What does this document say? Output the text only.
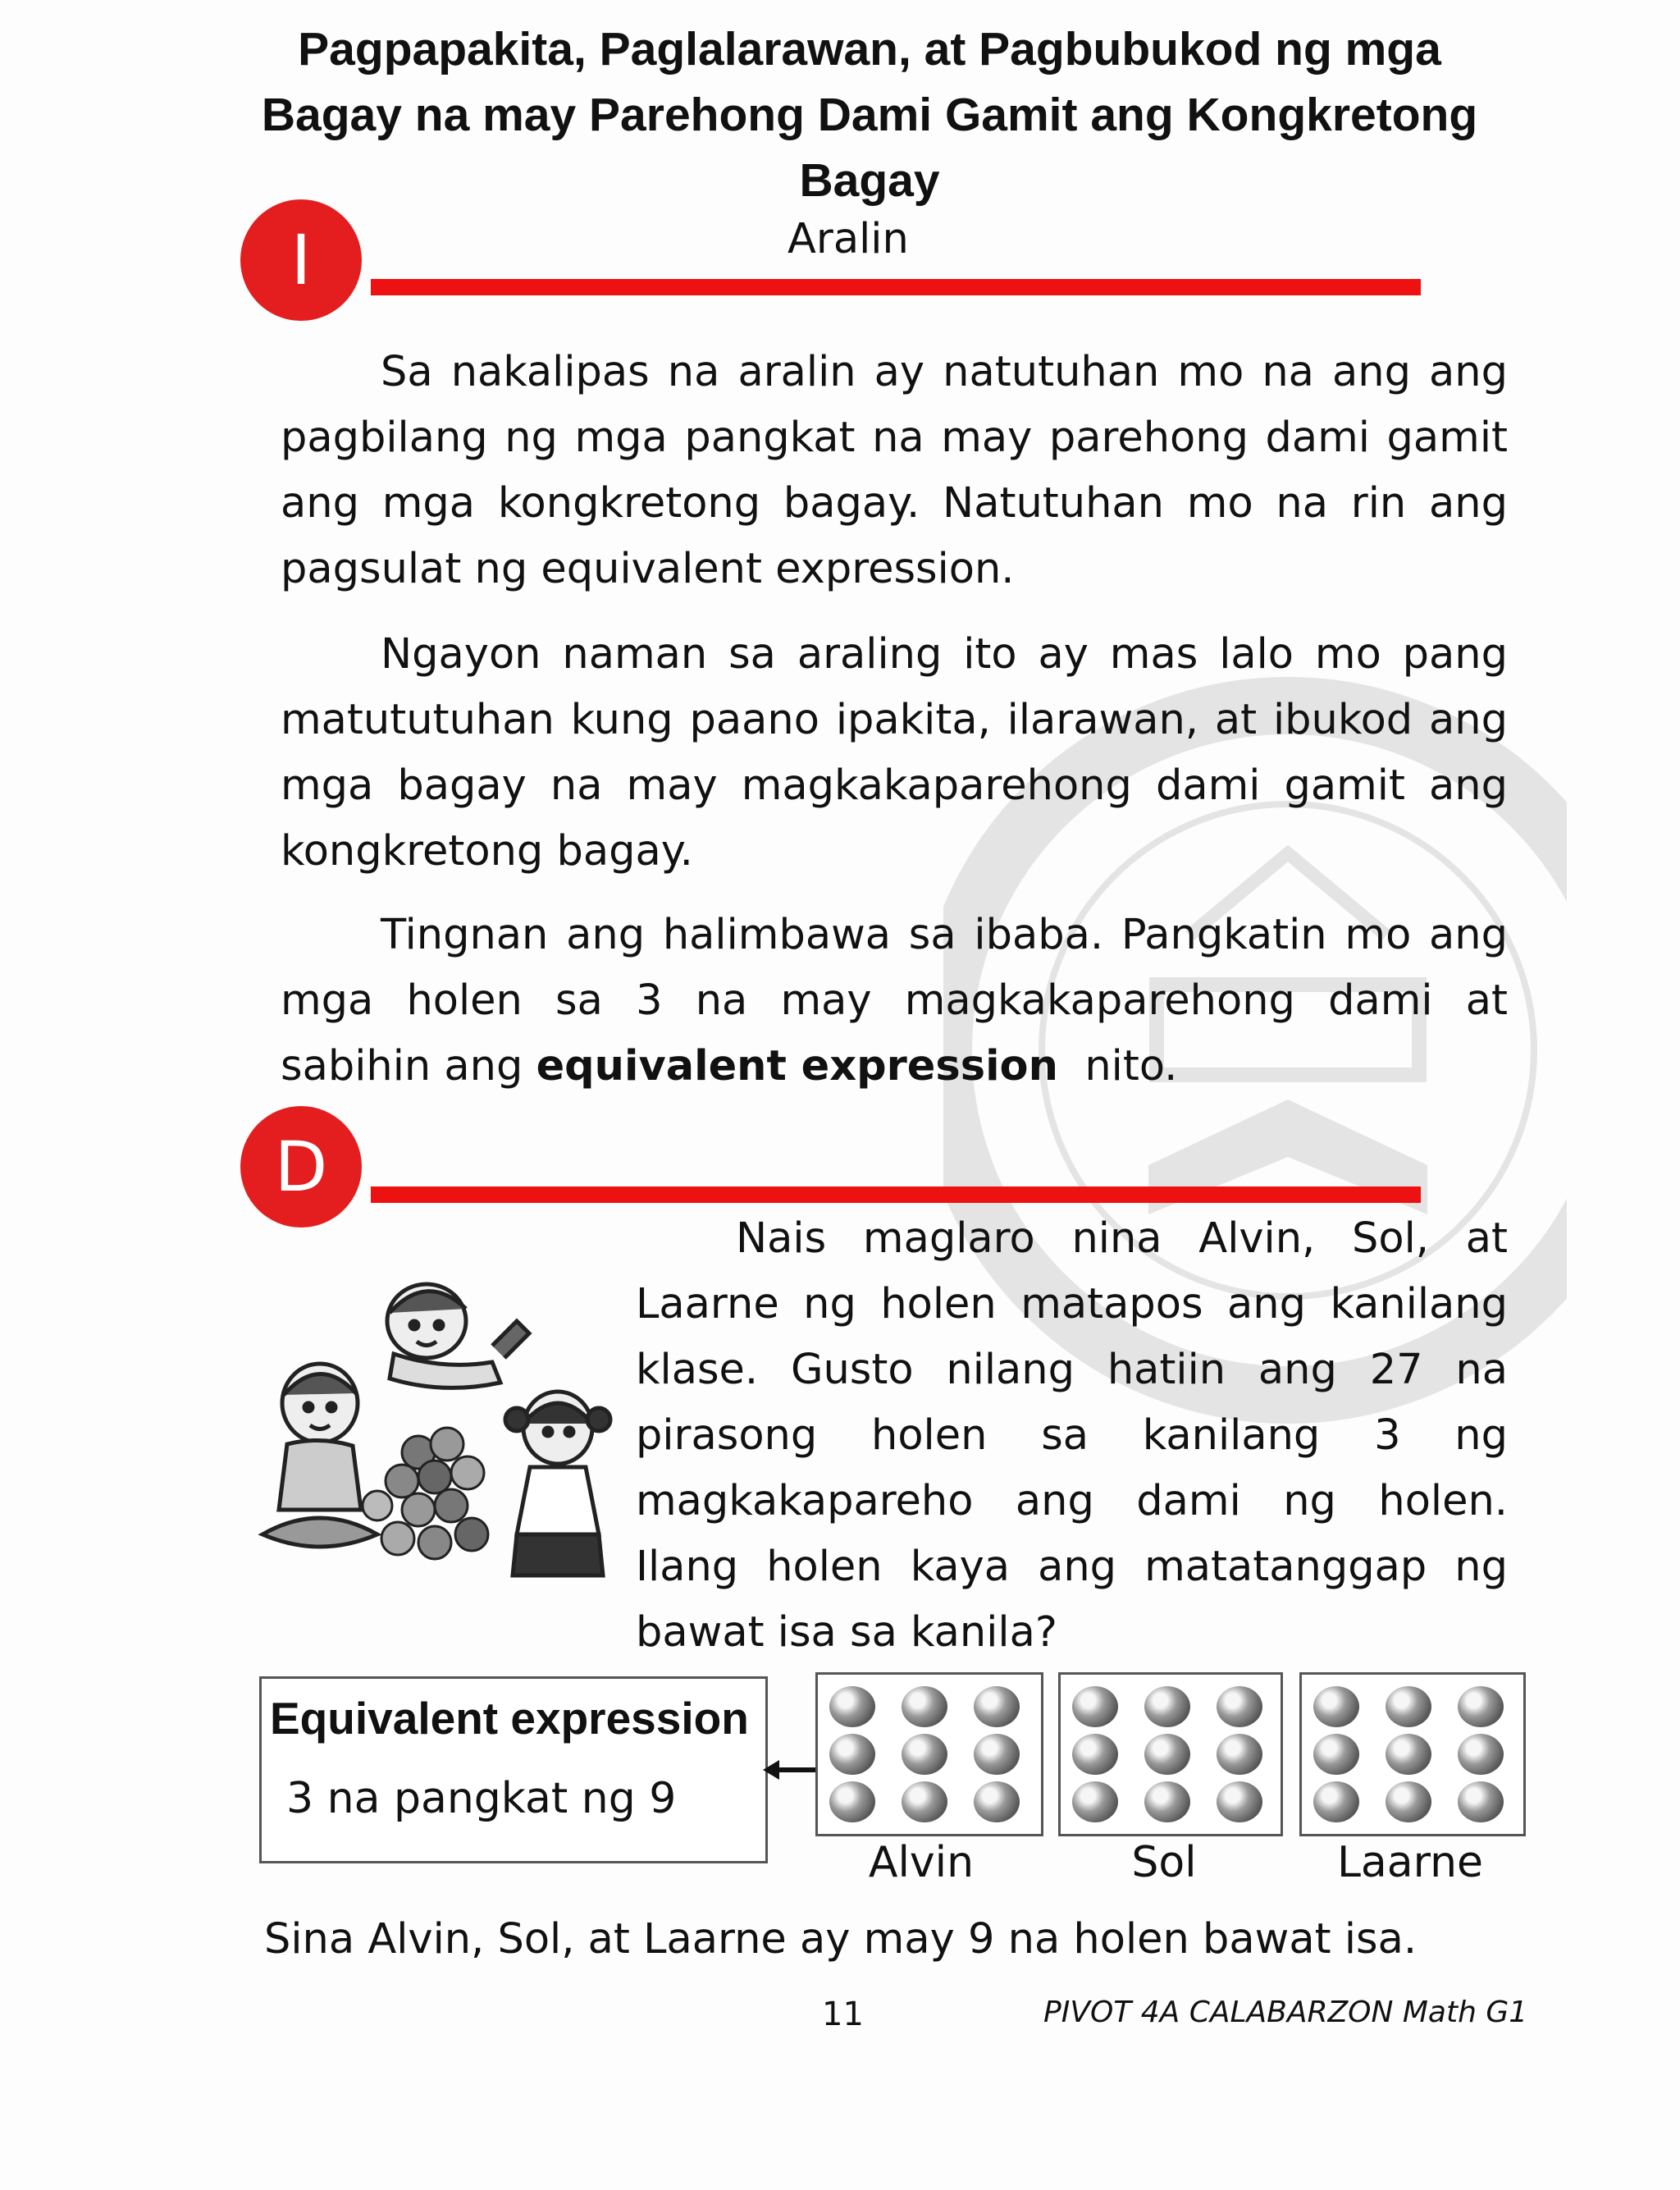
Pagpapakita, Paglalarawan, at Pagbubukod ng mga Bagay na may Parehong Dami Gamit ang Kongkretong Bagay
I	Aralin

Sa nakalipas na aralin ay natutuhan mo na ang ang pagbilang ng mga pangkat na may parehong dami gamit ang mga kongkretong bagay. Natutuhan mo na rin ang pagsulat ng equivalent expression.

Ngayon naman sa araling ito ay mas lalo mo pang matututuhan kung paano ipakita, ilarawan, at ibukod ang mga bagay na may magkakaparehong dami gamit ang kongkretong bagay.

Tingnan ang halimbawa sa ibaba. Pangkatin mo ang mga holen sa 3 na may magkakaparehong dami at sabihin ang equivalent expression nito.

D

Nais maglaro nina Alvin, Sol, at Laarne ng holen matapos ang kanilang klase. Gusto nilang hatiin ang 27 na pirasong holen sa kanilang 3 ng magkakapareho ang dami ng holen. Ilang holen kaya ang matatanggap ng bawat isa sa kanila?

Equivalent expression
3 na pangkat ng 9
Alvin	Sol	Laarne
Sina Alvin, Sol, at Laarne ay may 9 na holen bawat isa.
11	PIVOT 4A CALABARZON Math G1
